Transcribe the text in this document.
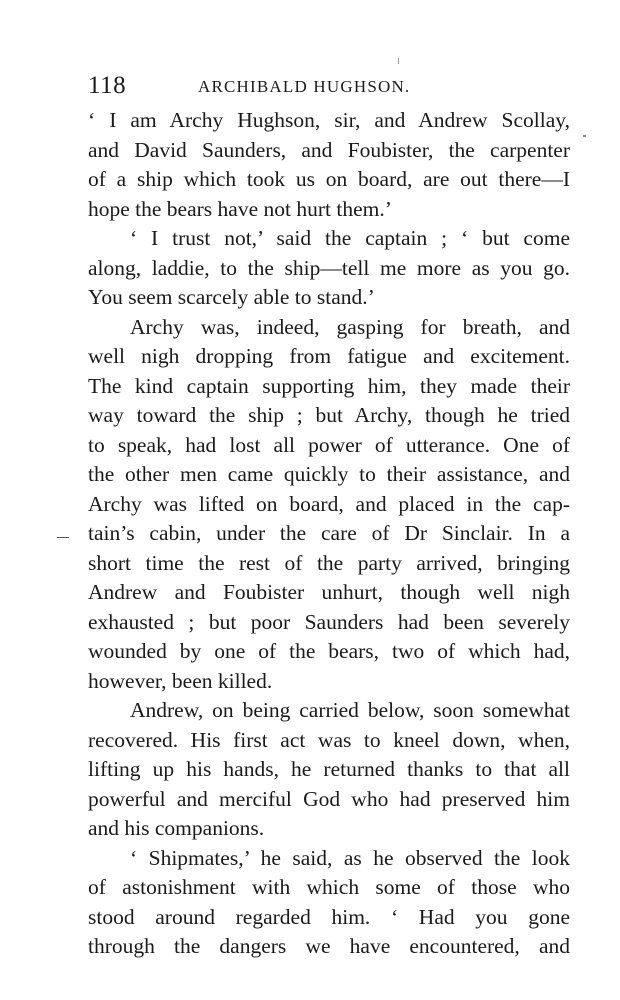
118	ARCHIBALD HUGHSON.
‘ I am Archy Hughson, sir, and Andrew Scollay,
and David Saunders, and Foubister, the carpenter
of a ship which took us on board, are out there—I
hope the bears have not hurt them.’
‘ I trust not,’ said the captain ; ‘ but come
along, laddie, to the ship—tell me more as you go.
You seem scarcely able to stand.’
Archy was, indeed, gasping for breath, and
well nigh dropping from fatigue and excitement.
The kind captain supporting him, they made their
way toward the ship ; but Archy, though he tried
to speak, had lost all power of utterance. One of
the other men came quickly to their assistance, and
Archy was lifted on board, and placed in the cap-
tain’s cabin, under the care of Dr Sinclair. In a
short time the rest of the party arrived, bringing
Andrew and Foubister unhurt, though well nigh
exhausted ; but poor Saunders had been severely
wounded by one of the bears, two of which had,
however, been killed.
Andrew, on being carried below, soon somewhat
recovered. His first act was to kneel down, when,
lifting up his hands, he returned thanks to that all
powerful and merciful God who had preserved him
and his companions.
‘ Shipmates,’ he said, as he observed the look
of astonishment with which some of those who
stood around regarded him. ‘ Had you gone
through the dangers we have encountered, and
